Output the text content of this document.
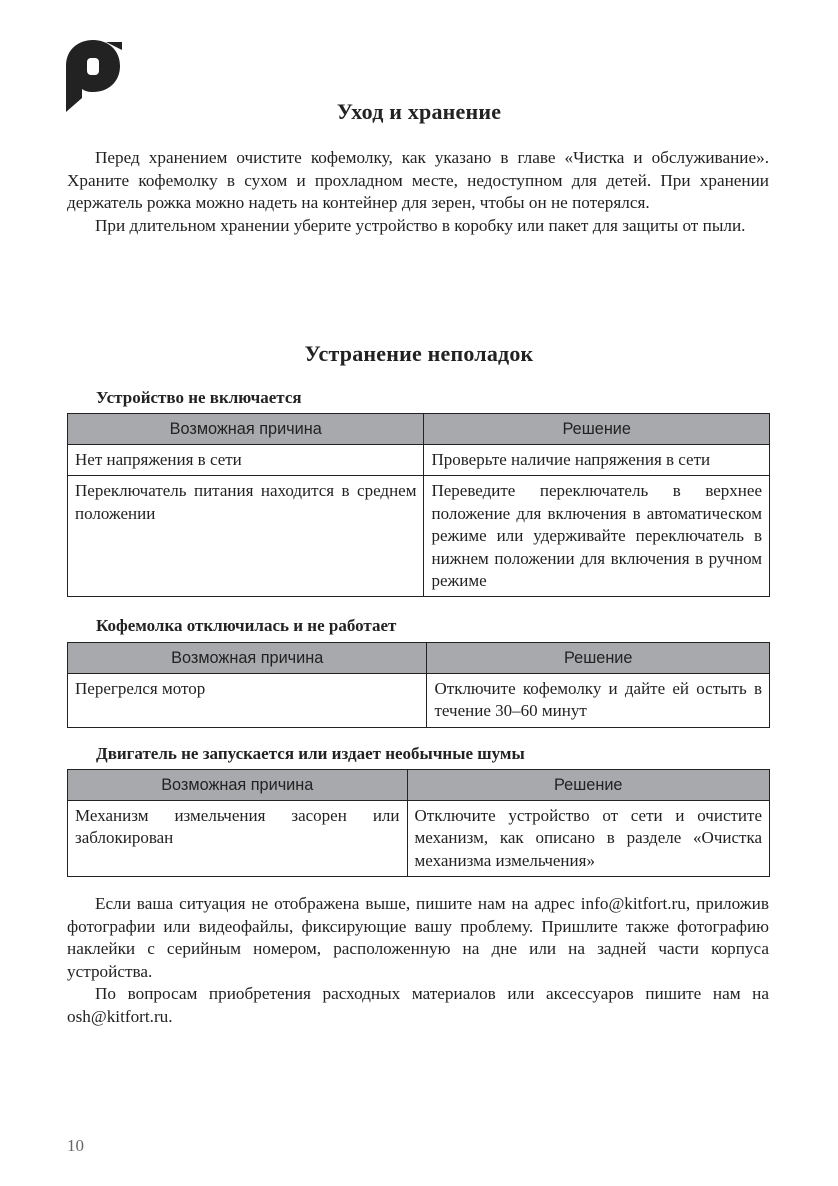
Уход и хранение

Перед хранением очистите кофемолку, как указано в главе «Чистка и обслуживание». Храните кофемолку в сухом и прохладном месте, недоступном для детей. При хранении держатель рожка можно надеть на контейнер для зерен, чтобы он не потерялся.

При длительном хранении уберите устройство в коробку или пакет для защиты от пыли.

Устранение неполадок
Устройство не включается
Возможная причина	Решение
Нет напряжения в сети	Проверьте наличие напряжения в сети
Переключатель питания находится в среднем положении	Переведите переключатель в верхнее положение для включения в автоматическом режиме или удерживайте переключатель в нижнем положении для включения в ручном режиме
Кофемолка отключилась и не работает
Возможная причина	Решение
Перегрелся мотор	Отключите кофемолку и дайте ей остыть в течение 30–60 минут
Двигатель не запускается или издает необычные шумы
Возможная причина	Решение
Механизм измельчения засорен или заблокирован	Отключите устройство от сети и очистите механизм, как описано в разделе «Очистка механизма измельчения»

Если ваша ситуация не отображена выше, пишите нам на адрес info@kitfort.ru, приложив фотографии или видеофайлы, фиксирующие вашу проблему. Пришлите также фотографию наклейки с серийным номером, расположенную на дне или на задней части корпуса устройства.

По вопросам приобретения расходных материалов или аксессуаров пишите нам на osh@kitfort.ru.

10
